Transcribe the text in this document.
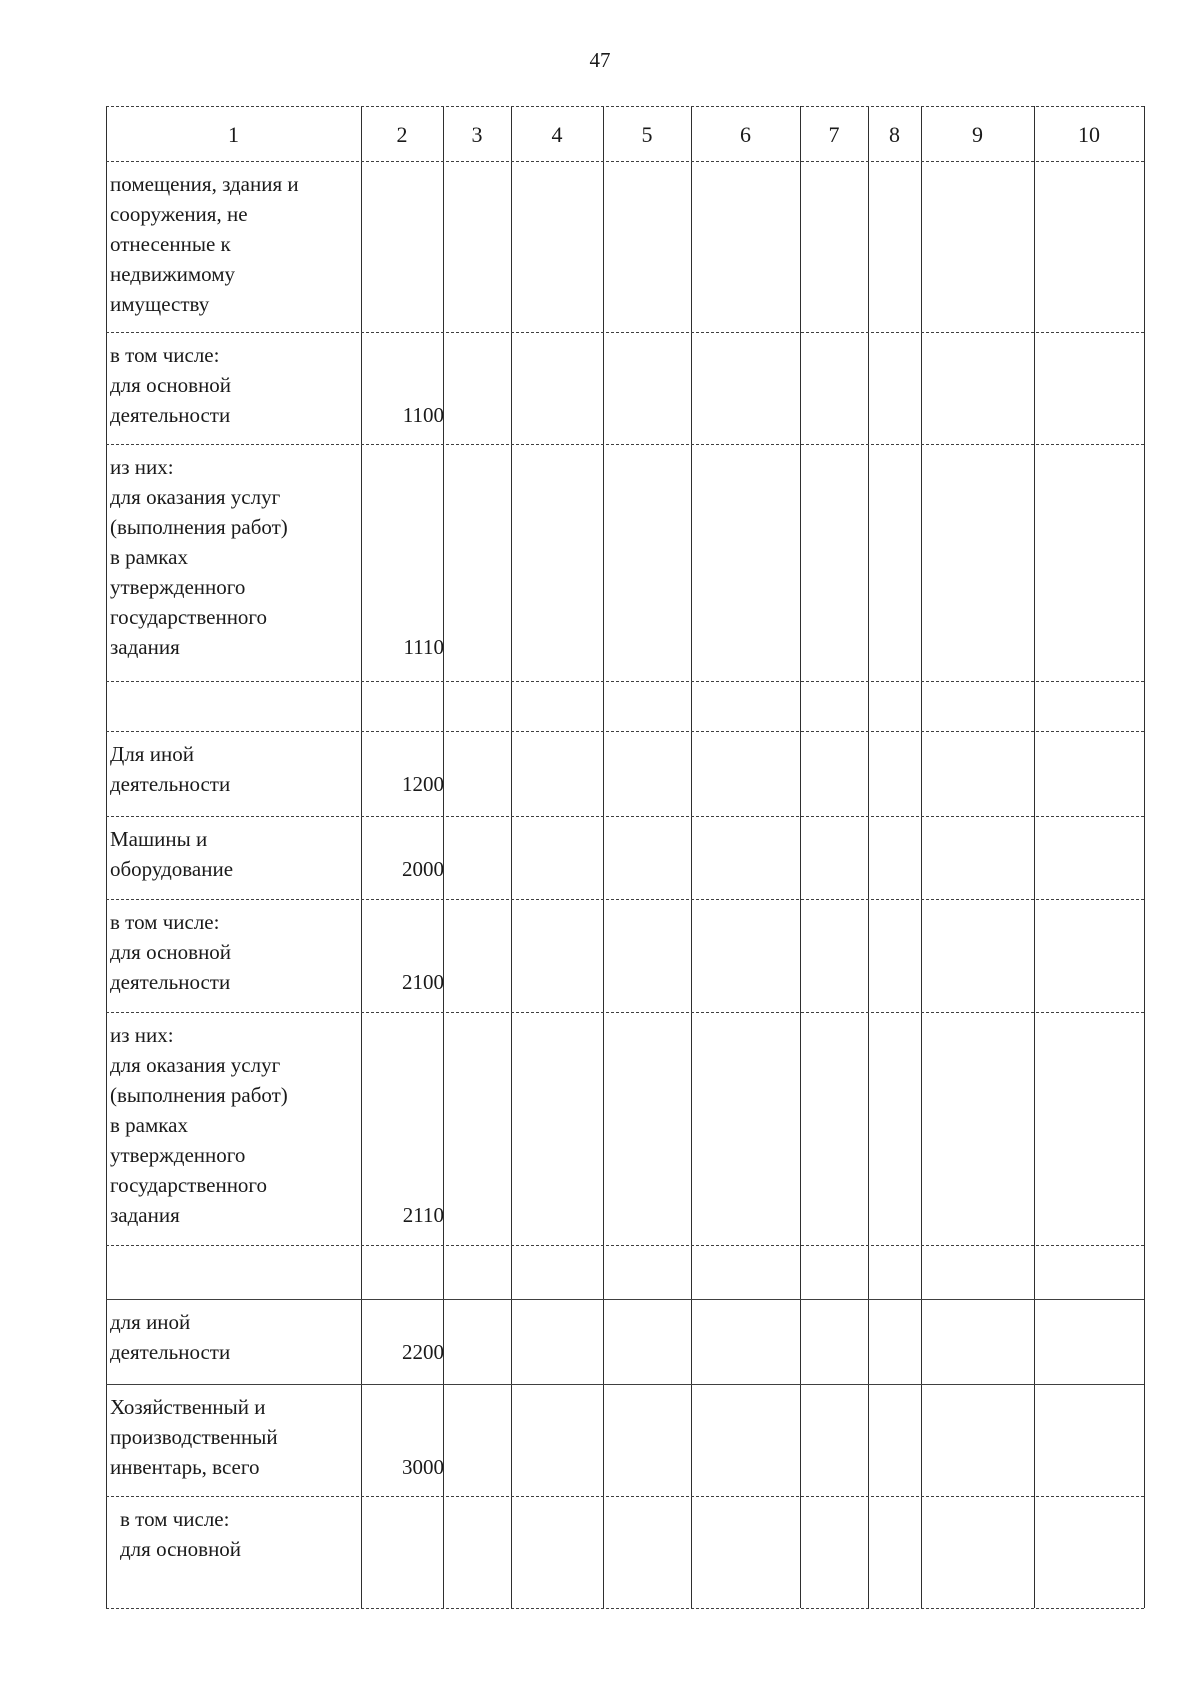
47
1	2	3	4	5	6	7	8	9	10
помещения, здания и
сооружения, не
отнесенные к
недвижимому
имуществу
в том числе:
для основной
деятельности	1100
из них:
для оказания услуг
(выполнения работ)
в рамках
утвержденного
государственного
задания	1110
Для иной
деятельности	1200
Машины и
оборудование	2000
в том числе:
для основной
деятельности	2100
из них:
для оказания услуг
(выполнения работ)
в рамках
утвержденного
государственного
задания	2110
для иной
деятельности	2200
Хозяйственный и
производственный
инвентарь, всего	3000
в том числе:
для основной
